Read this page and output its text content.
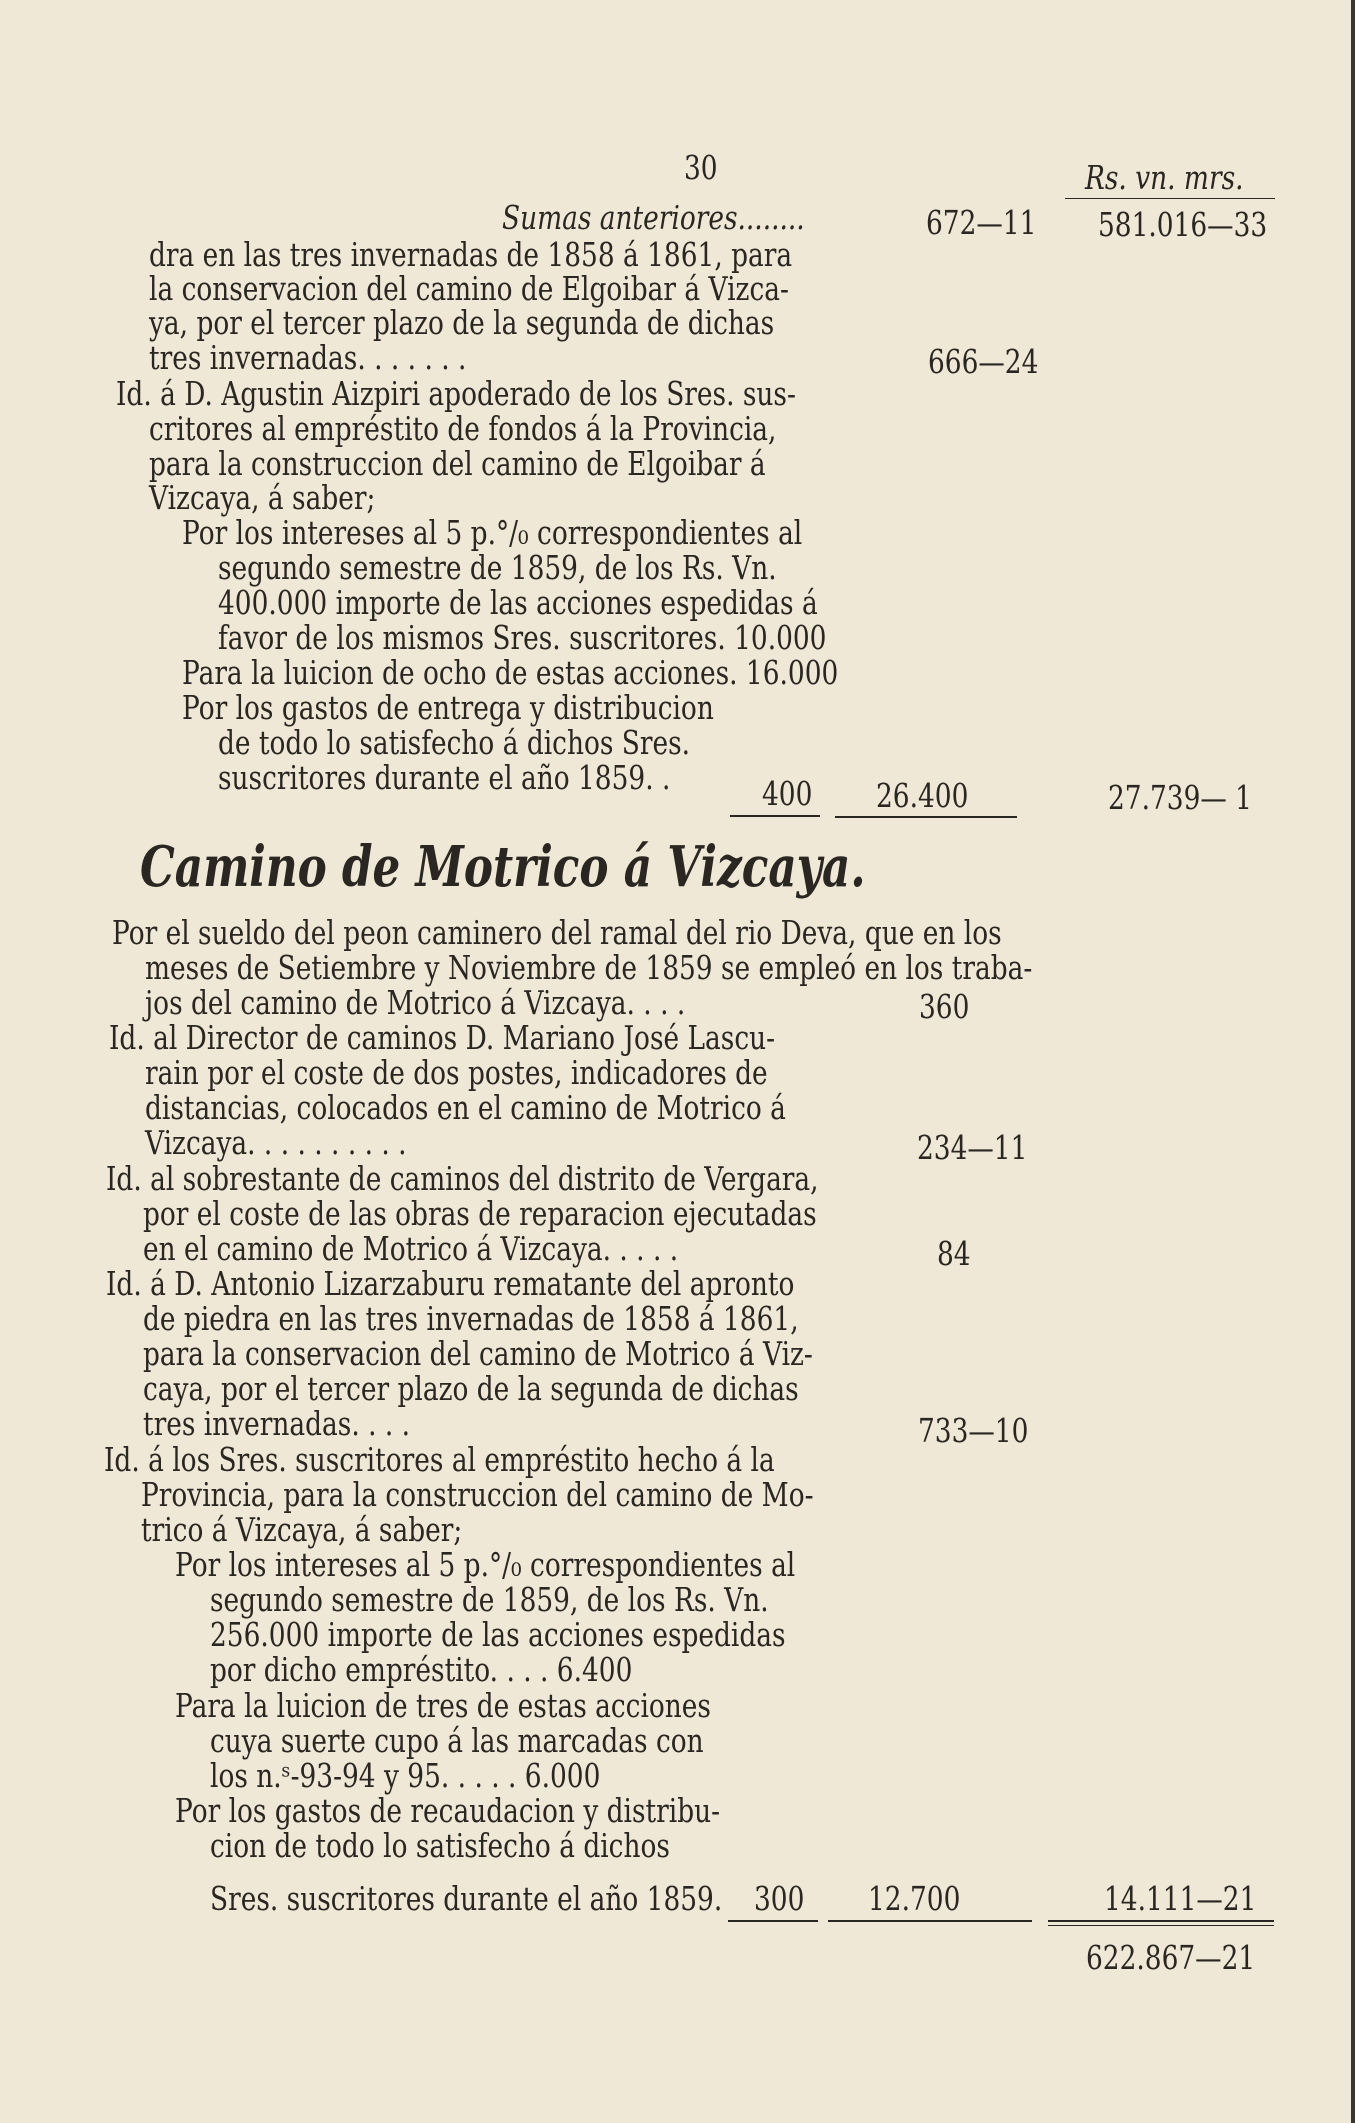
30	Rs. vn. mrs.
Sumas anteriores........	672—11 581.016—33
dra en las tres invernadas de 1858 á 1861, para
la conservacion del camino de Elgoibar á Vizca-
ya, por el tercer plazo de la segunda de dichas
tres invernadas. . . . . . .	666—24
Id. á D. Agustin Aizpiri apoderado de los Sres. sus-
critores al empréstito de fondos á la Provincia,
para la construccion del camino de Elgoibar á
Vizcaya, á saber;
Por los intereses al 5 p.°/₀ correspondientes al
segundo semestre de 1859, de los Rs. Vn.
400.000 importe de las acciones espedidas á
favor de los mismos Sres. suscritores. 10.000
Para la luicion de ocho de estas acciones. 16.000
Por los gastos de entrega y distribucion
de todo lo satisfecho á dichos Sres.
suscritores durante el año 1859. .	400 26.400	27.739— 1
Camino de Motrico á Vizcaya.
Por el sueldo del peon caminero del ramal del rio Deva, que en los
meses de Setiembre y Noviembre de 1859 se empleó en los traba-
jos del camino de Motrico á Vizcaya. . . .	360
Id. al Director de caminos D. Mariano José Lascu-
rain por el coste de dos postes, indicadores de
distancias, colocados en el camino de Motrico á
Vizcaya. . . . . . . . . .	234—11
Id. al sobrestante de caminos del distrito de Vergara,
por el coste de las obras de reparacion ejecutadas
en el camino de Motrico á Vizcaya. . . . .	84
Id. á D. Antonio Lizarzaburu rematante del apronto
de piedra en las tres invernadas de 1858 á 1861,
para la conservacion del camino de Motrico á Viz-
caya, por el tercer plazo de la segunda de dichas
tres invernadas. . . .	733—10
Id. á los Sres. suscritores al empréstito hecho á la
Provincia, para la construccion del camino de Mo-
trico á Vizcaya, á saber;
Por los intereses al 5 p.°/₀ correspondientes al
segundo semestre de 1859, de los Rs. Vn.
256.000 importe de las acciones espedidas
por dicho empréstito. . . . 6.400
Para la luicion de tres de estas acciones
cuya suerte cupo á las marcadas con
los n.ˢ-93-94 y 95. . . . . 6.000
Por los gastos de recaudacion y distribu-
cion de todo lo satisfecho á dichos
Sres. suscritores durante el año 1859. 300 12.700	14.111—21
622.867—21
